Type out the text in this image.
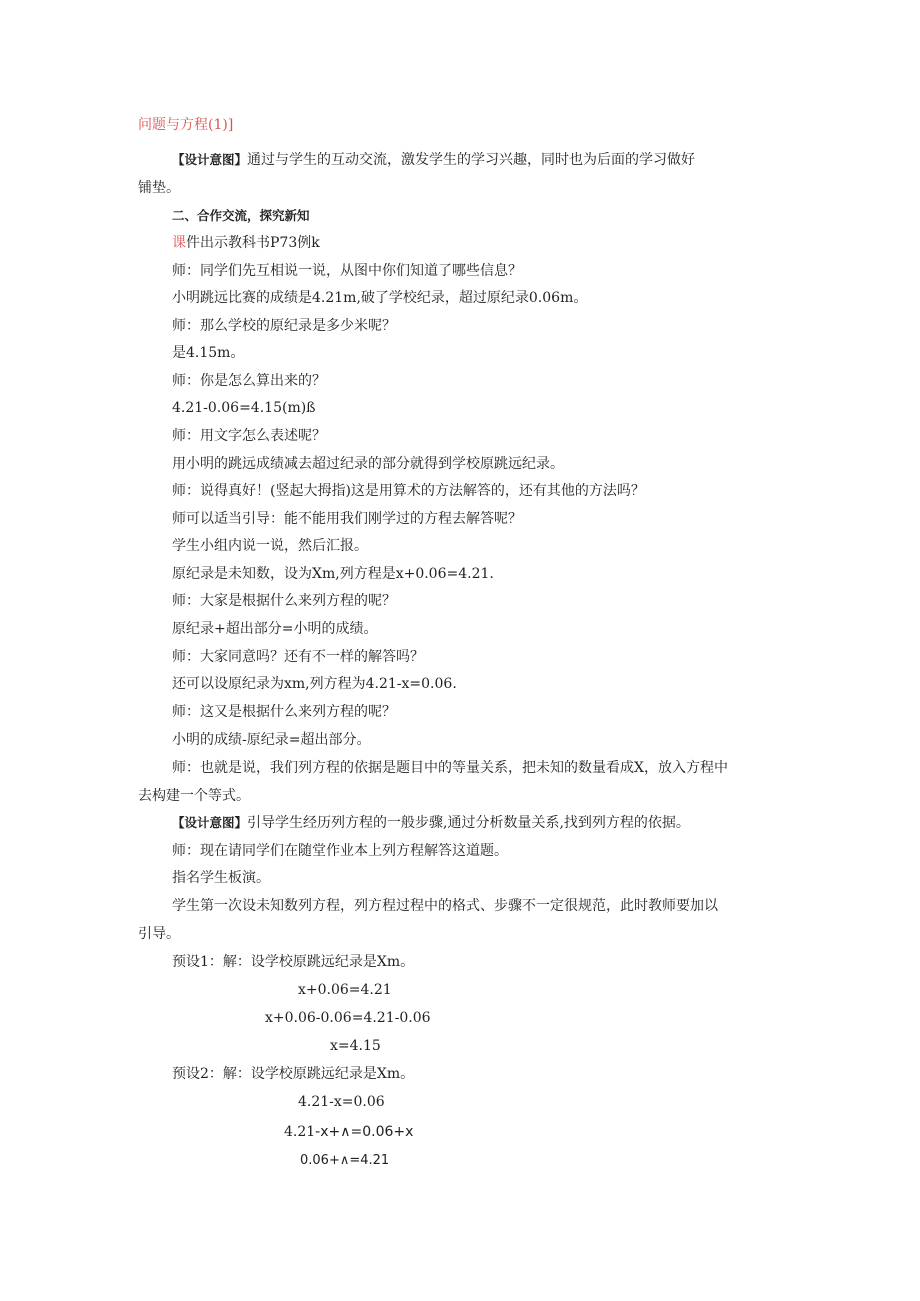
问题与方程(1)]
【设计意图】通过与学生的互动交流，激发学生的学习兴趣，同时也为后面的学习做好
铺垫。
二、合作交流，探究新知
课件出示教科书P73例k
师：同学们先互相说一说，从图中你们知道了哪些信息？
小明跳远比赛的成绩是4.21m,破了学校纪录，超过原纪录0.06m。
师：那么学校的原纪录是多少米呢？
是4.15m。
师：你是怎么算出来的？
4.21-0.06=4.15(m)ß
师：用文字怎么表述呢？
用小明的跳远成绩减去超过纪录的部分就得到学校原跳远纪录。
师：说得真好！(竖起大拇指)这是用算术的方法解答的，还有其他的方法吗？
师可以适当引导：能不能用我们刚学过的方程去解答呢？
学生小组内说一说，然后汇报。
原纪录是未知数，设为Xm,列方程是x+0.06=4.21.
师：大家是根据什么来列方程的呢？
原纪录+超出部分=小明的成绩。
师：大家同意吗？还有不一样的解答吗？
还可以设原纪录为xm,列方程为4.21-x=0.06.
师：这又是根据什么来列方程的呢？
小明的成绩-原纪录=超出部分。
师：也就是说，我们列方程的依据是题目中的等量关系，把未知的数量看成X，放入方程中
去构建一个等式。
【设计意图】引导学生经历列方程的一般步骤,通过分析数量关系,找到列方程的依据。
师：现在请同学们在随堂作业本上列方程解答这道题。
指名学生板演。
学生第一次设未知数列方程，列方程过程中的格式、步骤不一定很规范，此时教师要加以
引导。
预设1：解：设学校原跳远纪录是Xm。
x+0.06=4.21
x+0.06-0.06=4.21-0.06
x=4.15
预设2：解：设学校原跳远纪录是Xm。
4.21-x=0.06
4.21-x+∧=0.06+x
0.06+∧=4.21
